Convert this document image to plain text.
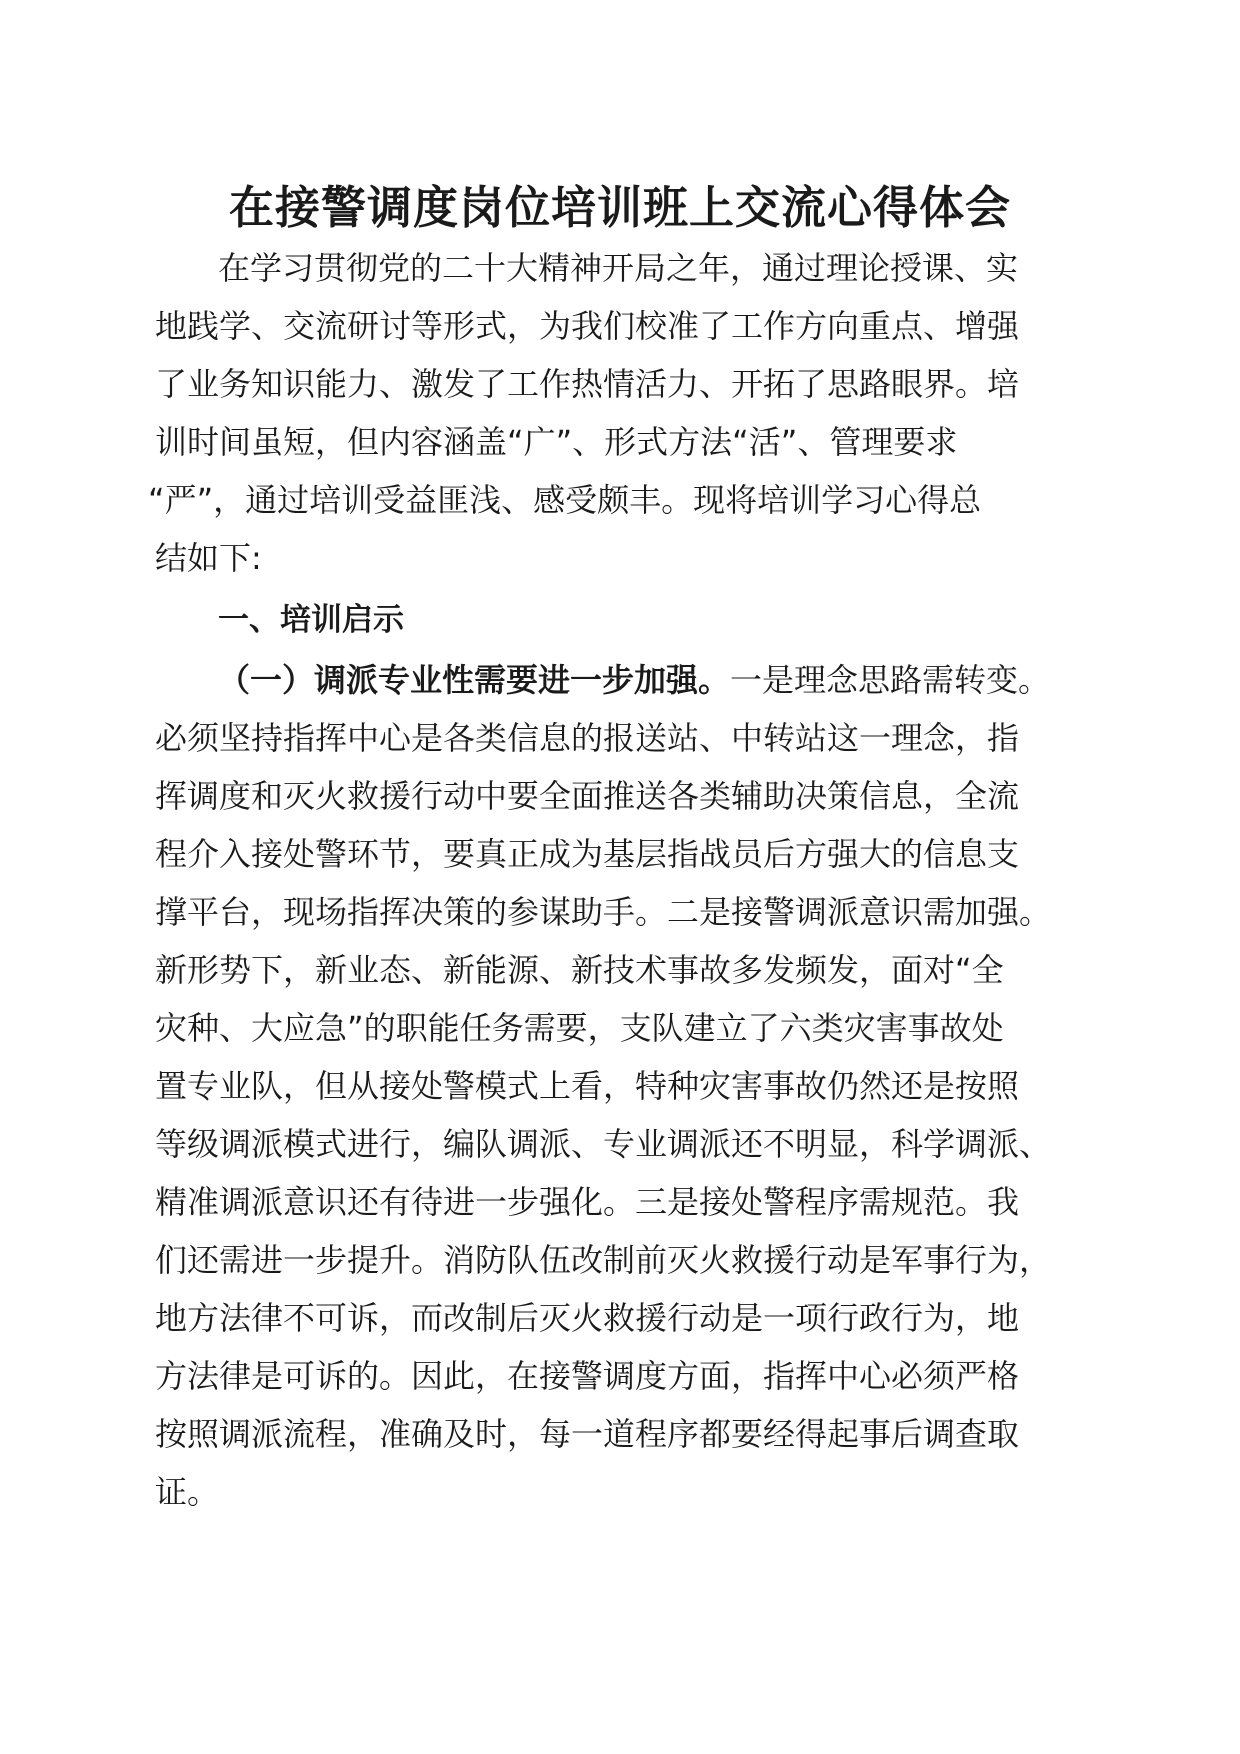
在接警调度岗位培训班上交流心得体会

在学习贯彻党的二十大精神开局之年，通过理论授课、实

地践学、交流研讨等形式，为我们校准了工作方向重点、增强

了业务知识能力、激发了工作热情活力、开拓了思路眼界。培

训时间虽短，但内容涵盖“广”、形式方法“活”、管理要求

“严”，通过培训受益匪浅、感受颇丰。现将培训学习心得总

结如下:

一、培训启示

（一）调派专业性需要进一步加强。一是理念思路需转变。

必须坚持指挥中心是各类信息的报送站、中转站这一理念，指

挥调度和灭火救援行动中要全面推送各类辅助决策信息，全流

程介入接处警环节，要真正成为基层指战员后方强大的信息支

撑平台，现场指挥决策的参谋助手。二是接警调派意识需加强。

新形势下，新业态、新能源、新技术事故多发频发，面对“全

灾种、大应急”的职能任务需要，支队建立了六类灾害事故处

置专业队，但从接处警模式上看，特种灾害事故仍然还是按照

等级调派模式进行，编队调派、专业调派还不明显，科学调派、

精准调派意识还有待进一步强化。三是接处警程序需规范。我

们还需进一步提升。消防队伍改制前灭火救援行动是军事行为，

地方法律不可诉，而改制后灭火救援行动是一项行政行为，地

方法律是可诉的。因此，在接警调度方面，指挥中心必须严格

按照调派流程，准确及时，每一道程序都要经得起事后调查取

证。
